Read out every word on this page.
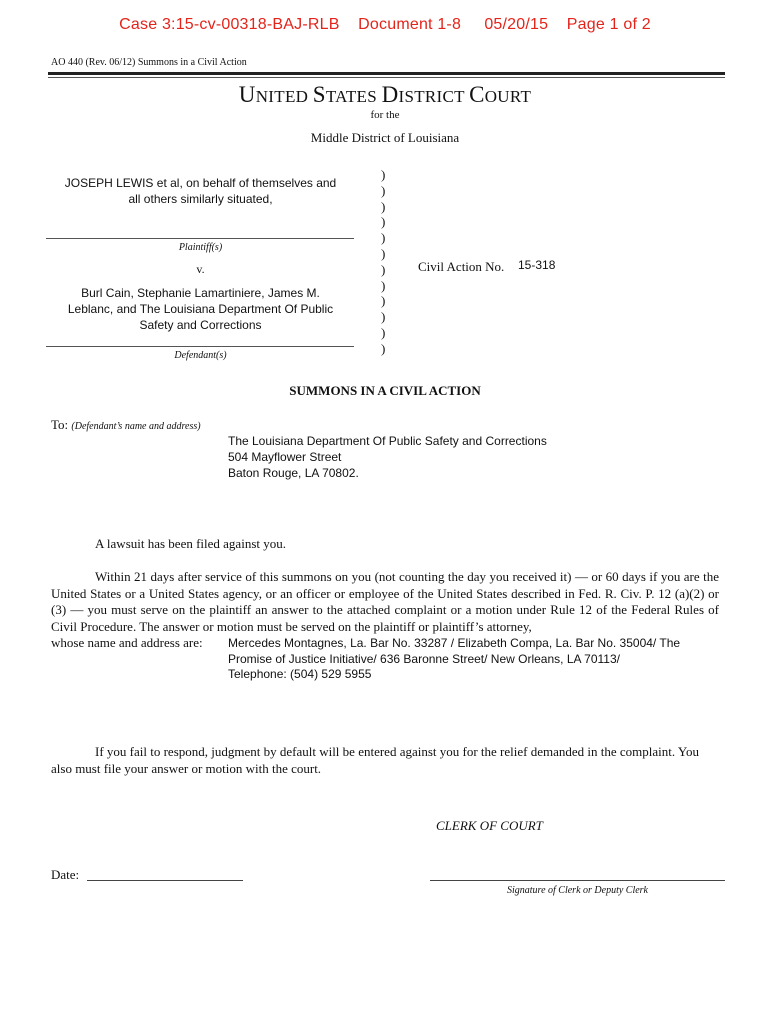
Case 3:15-cv-00318-BAJ-RLB Document 1-8 05/20/15 Page 1 of 2
AO 440 (Rev. 06/12) Summons in a Civil Action
UNITED STATES DISTRICT COURT
for the
Middle District of Louisiana
JOSEPH LEWIS et al, on behalf of themselves and
all others similarly situated,
Plaintiff(s)
v.
Burl Cain, Stephanie Lamartiniere, James M.
Leblanc, and The Louisiana Department Of Public
Safety and Corrections
Defendant(s)
)
)
)
)
)
)
)
)
)
)
)
)
Civil Action No. 15-318
SUMMONS IN A CIVIL ACTION
To: (Defendant’s name and address)
The Louisiana Department Of Public Safety and Corrections
504 Mayflower Street
Baton Rouge, LA 70802.
A lawsuit has been filed against you.
Within 21 days after service of this summons on you (not counting the day you received it) — or 60 days if you are the United States or a United States agency, or an officer or employee of the United States described in Fed. R. Civ. P. 12 (a)(2) or (3) — you must serve on the plaintiff an answer to the attached complaint or a motion under Rule 12 of the Federal Rules of Civil Procedure. The answer or motion must be served on the plaintiff or plaintiff’s attorney,
whose name and address are: Mercedes Montagnes, La. Bar No. 33287 / Elizabeth Compa, La. Bar No. 35004/ The
Promise of Justice Initiative/ 636 Baronne Street/ New Orleans, LA 70113/
Telephone: (504) 529 5955
If you fail to respond, judgment by default will be entered against you for the relief demanded in the complaint. You also must file your answer or motion with the court.
CLERK OF COURT
Date:
Signature of Clerk or Deputy Clerk
